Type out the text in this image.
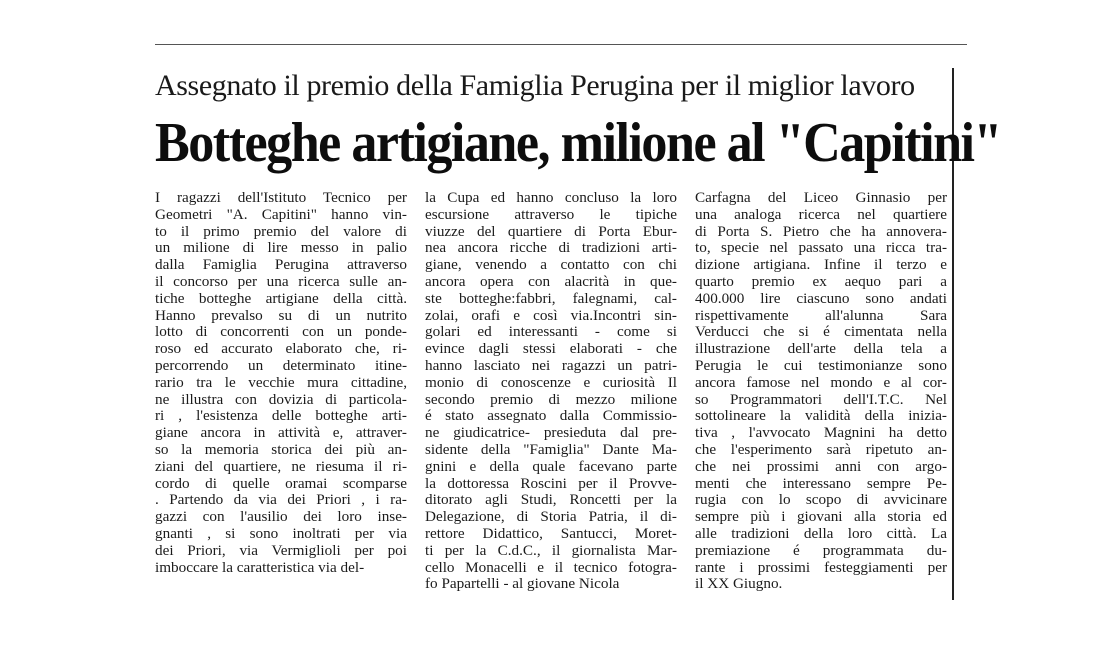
Assegnato il premio della Famiglia Perugina per il miglior lavoro
Botteghe artigiane, milione al "Capitini"
I ragazzi dell'Istituto Tecnico per
Geometri "A. Capitini" hanno vin-
to il primo premio del valore di
un milione di lire messo in palio
dalla Famiglia Perugina attraverso
il concorso per una ricerca sulle an-
tiche botteghe artigiane della città.
Hanno prevalso su di un nutrito
lotto di concorrenti con un ponde-
roso ed accurato elaborato che, ri-
percorrendo un determinato itine-
rario tra le vecchie mura cittadine,
ne illustra con dovizia di particola-
ri , l'esistenza delle botteghe arti-
giane ancora in attività e, attraver-
so la memoria storica dei più an-
ziani del quartiere, ne riesuma il ri-
cordo di quelle oramai scomparse
. Partendo da via dei Priori , i ra-
gazzi con l'ausilio dei loro inse-
gnanti , si sono inoltrati per via
dei Priori, via Vermiglioli per poi
imboccare la caratteristica via del-
la Cupa ed hanno concluso la loro
escursione attraverso le tipiche
viuzze del quartiere di Porta Ebur-
nea ancora ricche di tradizioni arti-
giane, venendo a contatto con chi
ancora opera con alacrità in que-
ste botteghe:fabbri, falegnami, cal-
zolai, orafi e così via.Incontri sin-
golari ed interessanti - come si
evince dagli stessi elaborati - che
hanno lasciato nei ragazzi un patri-
monio di conoscenze e curiosità Il
secondo premio di mezzo milione
é stato assegnato dalla Commissio-
ne giudicatrice- presieduta dal pre-
sidente della "Famiglia" Dante Ma-
gnini e della quale facevano parte
la dottoressa Roscini per il Provve-
ditorato agli Studi, Roncetti per la
Delegazione, di Storia Patria, il di-
rettore Didattico, Santucci, Moret-
ti per la C.d.C., il giornalista Mar-
cello Monacelli e il tecnico fotogra-
fo Papartelli - al giovane Nicola
Carfagna del Liceo Ginnasio per
una analoga ricerca nel quartiere
di Porta S. Pietro che ha annovera-
to, specie nel passato una ricca tra-
dizione artigiana. Infine il terzo e
quarto premio ex aequo pari a
400.000 lire ciascuno sono andati
rispettivamente all'alunna Sara
Verducci che si é cimentata nella
illustrazione dell'arte della tela a
Perugia le cui testimonianze sono
ancora famose nel mondo e al cor-
so Programmatori dell'I.T.C. Nel
sottolineare la validità della inizia-
tiva , l'avvocato Magnini ha detto
che l'esperimento sarà ripetuto an-
che nei prossimi anni con argo-
menti che interessano sempre Pe-
rugia con lo scopo di avvicinare
sempre più i giovani alla storia ed
alle tradizioni della loro città. La
premiazione é programmata du-
rante i prossimi festeggiamenti per
il XX Giugno.
